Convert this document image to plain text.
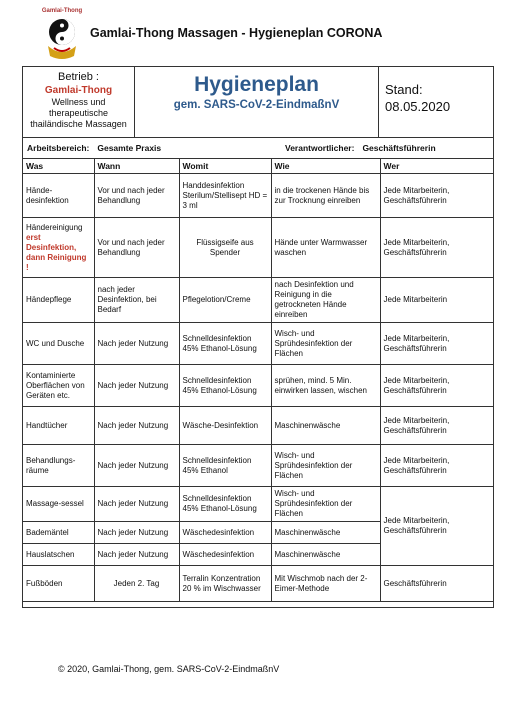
Gamlai-Thong
Gamlai-Thong Massagen - Hygieneplan CORONA
Betrieb :
Gamlai-Thong
Wellness und
therapeutische
thailändische Massagen
Hygieneplan
gem. SARS-CoV-2-EindmaßnV
Stand:
08.05.2020
Arbeitsbereich: Gesamte Praxis	Verantwortlicher: Geschäftsführerin
Was	Wann	Womit	Wie	Wer
Hände-desinfektion	Vor und nach jeder Behandlung	Handdesinfektion Sterilum/Stellisept HD = 3 ml	in die trockenen Hände bis zur Trocknung einreiben	Jede Mitarbeiterin, Geschäftsführerin

Händereinigung
erst Desinfektion, dann Reinigung !	Vor und nach jeder Behandlung	Flüssigseife aus Spender	Hände unter Warmwasser waschen	Jede Mitarbeiterin, Geschäftsführerin
Händepflege	nach jeder Desinfektion, bei Bedarf	Pflegelotion/Creme	nach Desinfektion und Reinigung in die getrockneten Hände einreiben	Jede Mitarbeiterin
WC und Dusche	Nach jeder Nutzung	Schnelldesinfektion 45% Ethanol-Lösung	Wisch- und Sprühdesinfektion der Flächen	Jede Mitarbeiterin, Geschäftsführerin
Kontaminierte Oberflächen von Geräten etc.	Nach jeder Nutzung	Schnelldesinfektion 45% Ethanol-Lösung	sprühen, mind. 5 Min. einwirken lassen, wischen	Jede Mitarbeiterin, Geschäftsführerin
Handtücher	Nach jeder Nutzung	Wäsche-Desinfektion	Maschinenwäsche	Jede Mitarbeiterin, Geschäftsführerin
Behandlungs-räume	Nach jeder Nutzung	Schnelldesinfektion 45% Ethanol	Wisch- und Sprühdesinfektion der Flächen	Jede Mitarbeiterin, Geschäftsführerin
Massage-sessel	Nach jeder Nutzung	Schnelldesinfektion 45% Ethanol-Lösung	Wisch- und Sprühdesinfektion der Flächen	Jede Mitarbeiterin, Geschäftsführerin
Bademäntel	Nach jeder Nutzung	Wäschedesinfektion	Maschinenwäsche	
Hauslatschen	Nach jeder Nutzung	Wäschedesinfektion	Maschinenwäsche	
Fußböden	Jeden 2. Tag	Terralin Konzentration 20 % im Wischwasser	Mit Wischmob nach der 2-Eimer-Methode	Geschäftsführerin
© 2020, Gamlai-Thong, gem. SARS-CoV-2-EindmaßnV
